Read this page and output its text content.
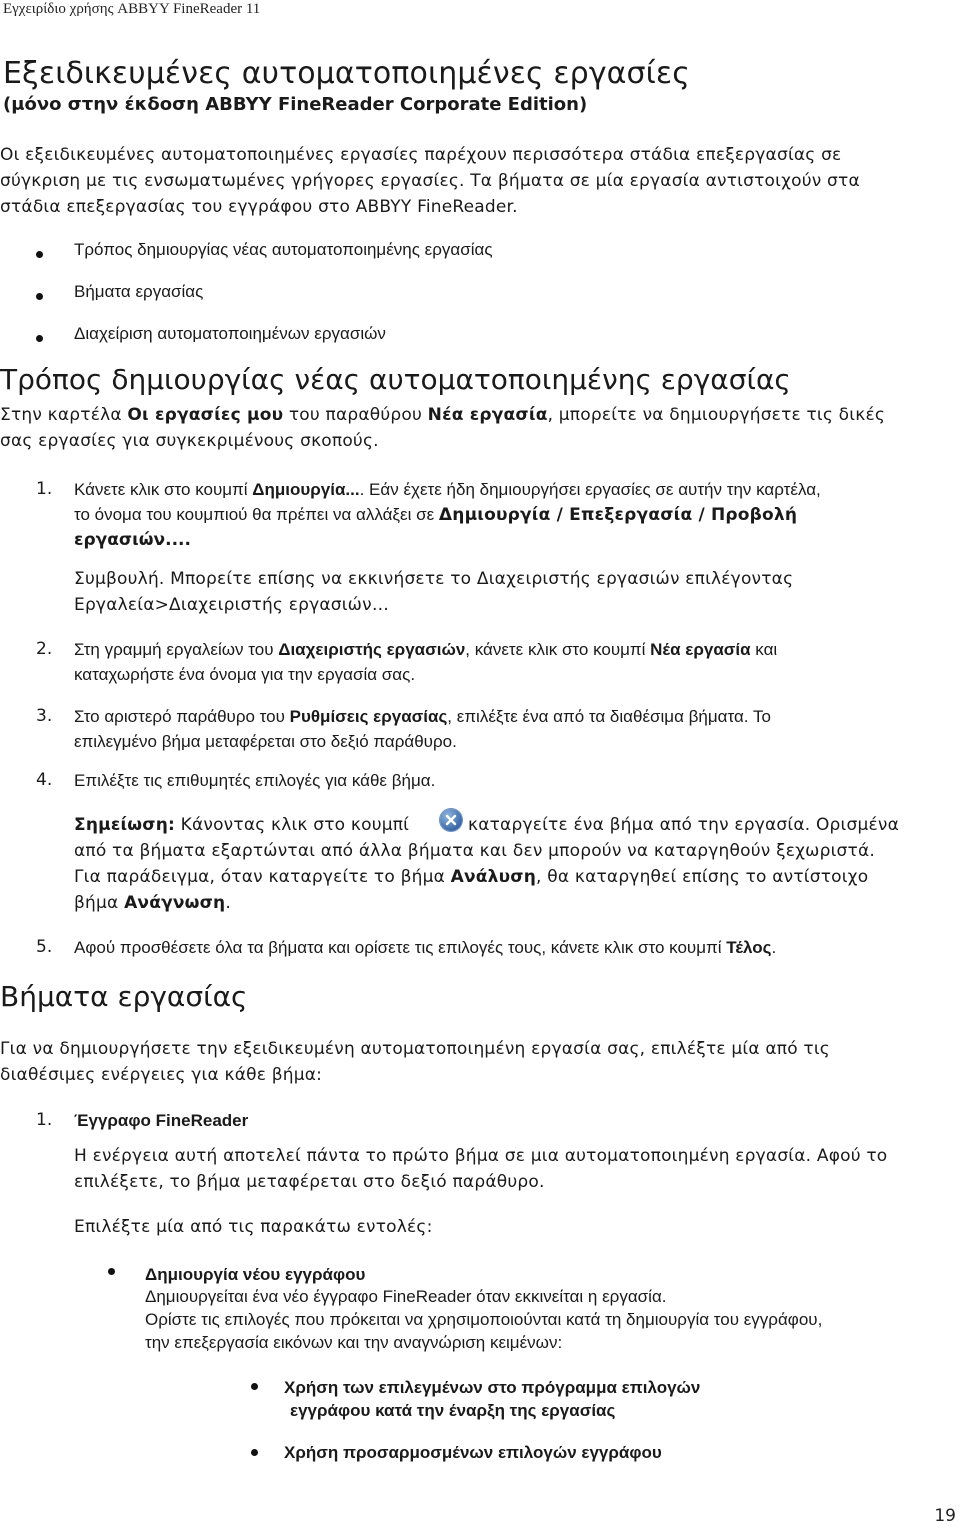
Εγχειρίδιο χρήσης ABBYY FineReader 11
Εξειδικευμένες αυτοματοποιημένες εργασίες
(μόνο στην έκδοση ABBYY FineReader Corporate Edition)
Οι εξειδικευμένες αυτοματοποιημένες εργασίες παρέχουν περισσότερα στάδια επεξεργασίας σε
σύγκριση με τις ενσωματωμένες γρήγορες εργασίες. Τα βήματα σε μία εργασία αντιστοιχούν στα
στάδια επεξεργασίας του εγγράφου στο ABBYY FineReader.
Τρόπος δημιουργίας νέας αυτοματοποιημένης εργασίας
Βήματα εργασίας
Διαχείριση αυτοματοποιημένων εργασιών
Τρόπος δημιουργίας νέας αυτοματοποιημένης εργασίας
Στην καρτέλα Οι εργασίες μου του παραθύρου Νέα εργασία, μπορείτε να δημιουργήσετε τις δικές
σας εργασίες για συγκεκριμένους σκοπούς.
1. Κάνετε κλικ στο κουμπί Δημιουργία.... Εάν έχετε ήδη δημιουργήσει εργασίες σε αυτήν την καρτέλα,
το όνομα του κουμπιού θα πρέπει να αλλάξει σε Δημιουργία / Επεξεργασία / Προβολή
εργασιών....
Συμβουλή. Μπορείτε επίσης να εκκινήσετε το Διαχειριστής εργασιών επιλέγοντας
Εργαλεία>Διαχειριστής εργασιών…
2. Στη γραμμή εργαλείων του Διαχειριστής εργασιών, κάνετε κλικ στο κουμπί Νέα εργασία και
καταχωρήστε ένα όνομα για την εργασία σας.
3. Στο αριστερό παράθυρο του Ρυθμίσεις εργασίας, επιλέξτε ένα από τα διαθέσιμα βήματα. Το
επιλεγμένο βήμα μεταφέρεται στο δεξιό παράθυρο.
4. Επιλέξτε τις επιθυμητές επιλογές για κάθε βήμα.
Σημείωση: Κάνοντας κλικ στο κουμπί	καταργείτε ένα βήμα από την εργασία. Ορισμένα
από τα βήματα εξαρτώνται από άλλα βήματα και δεν μπορούν να καταργηθούν ξεχωριστά.
Για παράδειγμα, όταν καταργείτε το βήμα Ανάλυση, θα καταργηθεί επίσης το αντίστοιχο
βήμα Ανάγνωση.
5. Αφού προσθέσετε όλα τα βήματα και ορίσετε τις επιλογές τους, κάνετε κλικ στο κουμπί Τέλος.
Βήματα εργασίας
Για να δημιουργήσετε την εξειδικευμένη αυτοματοποιημένη εργασία σας, επιλέξτε μία από τις
διαθέσιμες ενέργειες για κάθε βήμα:
1. Έγγραφο FineReader
Η ενέργεια αυτή αποτελεί πάντα το πρώτο βήμα σε μια αυτοματοποιημένη εργασία. Αφού το
επιλέξετε, το βήμα μεταφέρεται στο δεξιό παράθυρο.
Επιλέξτε μία από τις παρακάτω εντολές:
Δημιουργία νέου εγγράφου
Δημιουργείται ένα νέο έγγραφο FineReader όταν εκκινείται η εργασία.
Ορίστε τις επιλογές που πρόκειται να χρησιμοποιούνται κατά τη δημιουργία του εγγράφου,
την επεξεργασία εικόνων και την αναγνώριση κειμένων:
Χρήση των επιλεγμένων στο πρόγραμμα επιλογών
εγγράφου κατά την έναρξη της εργασίας
Χρήση προσαρμοσμένων επιλογών εγγράφου
19
